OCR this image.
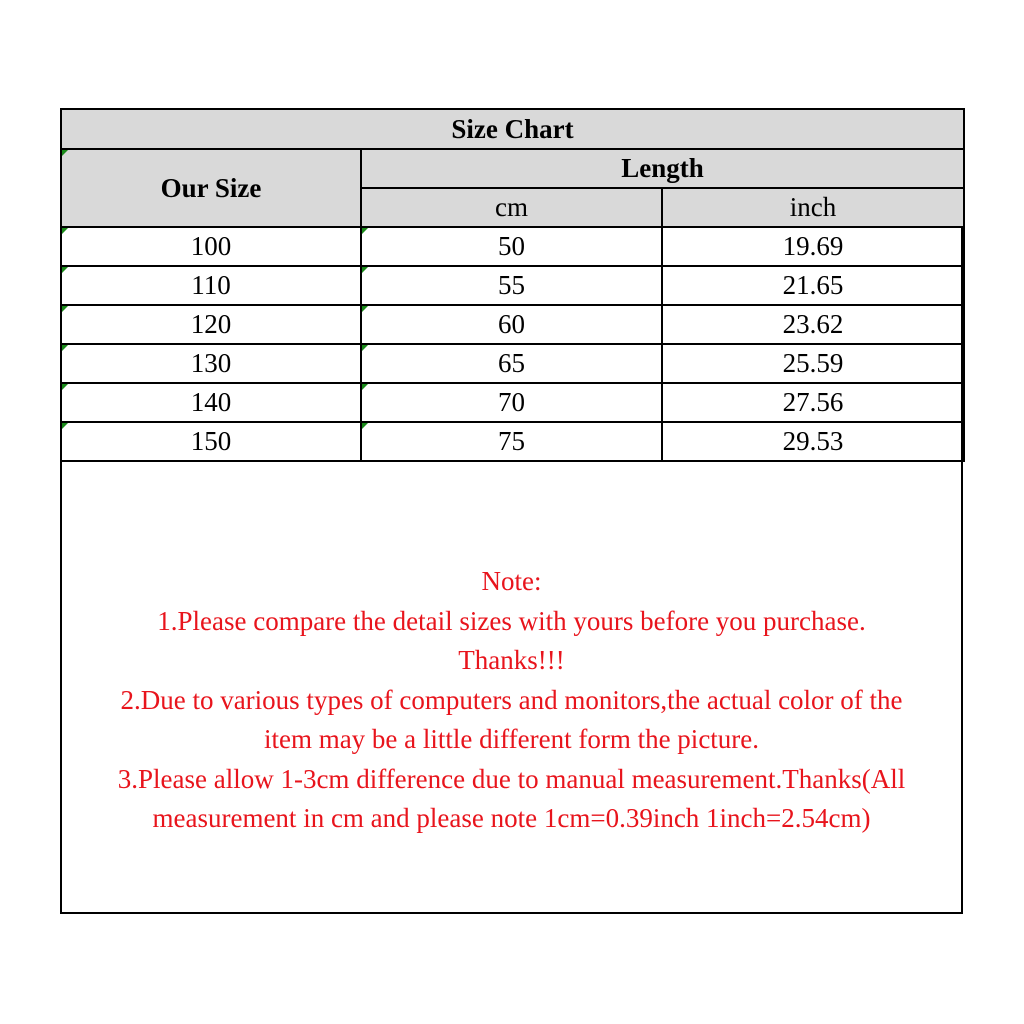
Size Chart		
Our Size	Length	
	cm	inch
100	50	19.69
110	55	21.65
120	60	23.62
130	65	25.59
140	70	27.56
150	75	29.53
Note:
1.Please compare the detail sizes with yours before you purchase.
Thanks!!!
2.Due to various types of computers and monitors,the actual color of the
item may be a little different form the picture.
3.Please allow 1-3cm difference due to manual measurement.Thanks(All
measurement in cm and please note 1cm=0.39inch 1inch=2.54cm)
